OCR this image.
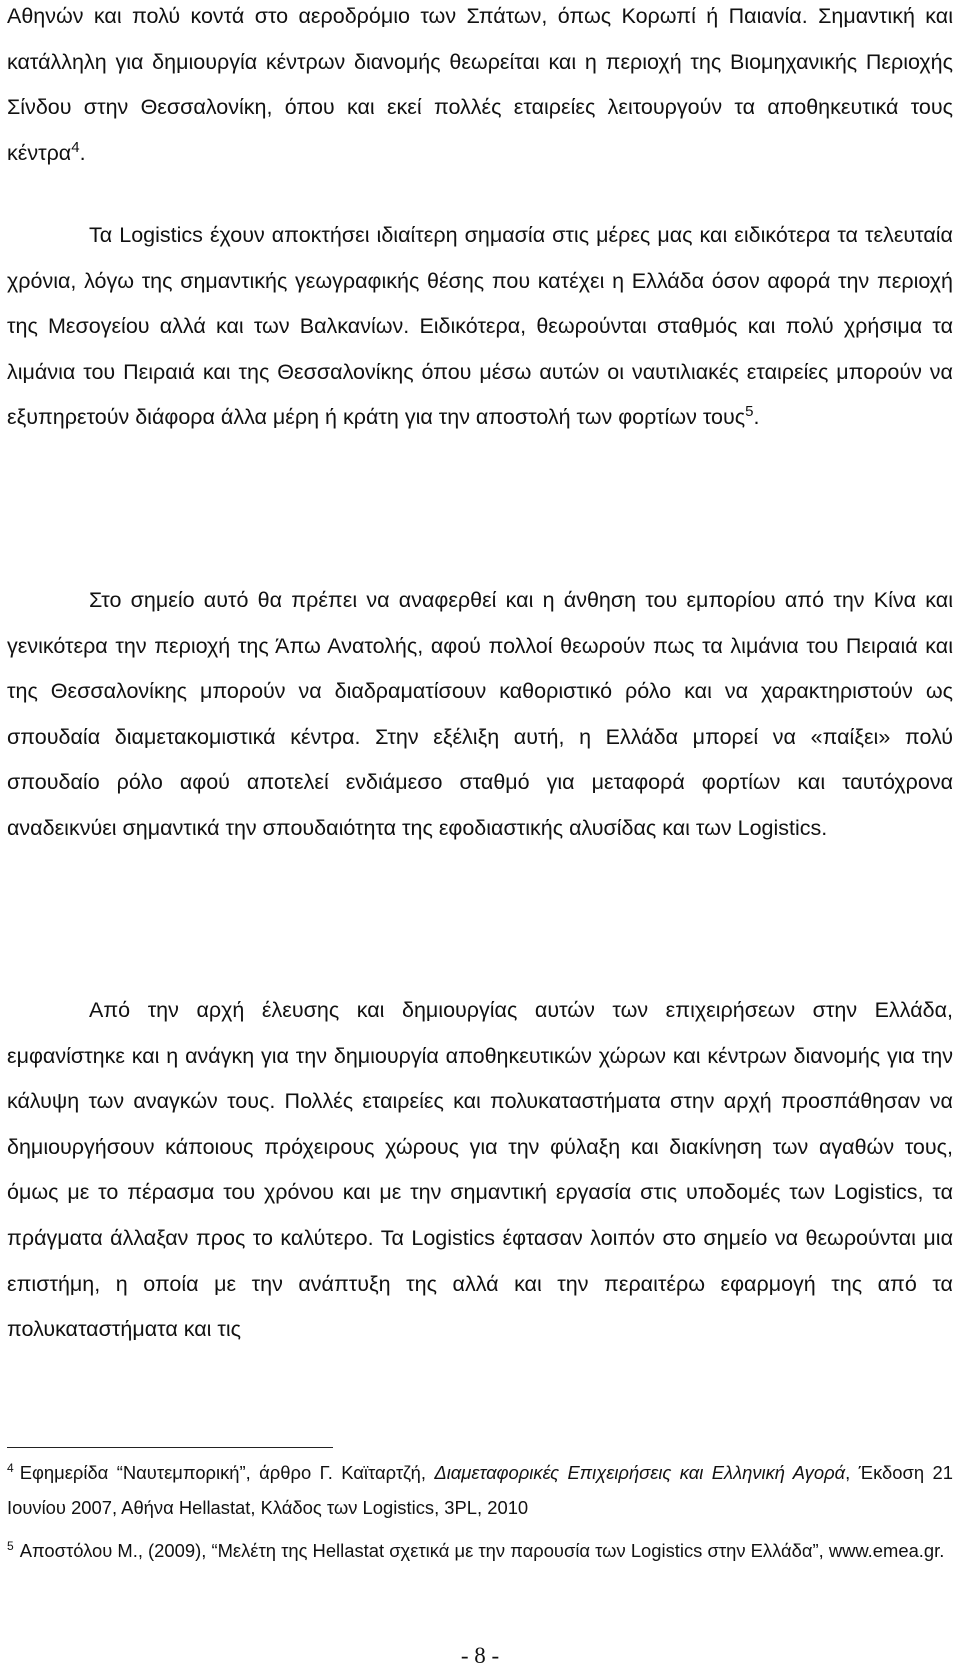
Αθηνών και πολύ κοντά στο αεροδρόμιο των Σπάτων, όπως Κορωπί ή Παιανία. Σημαντική και κατάλληλη για δημιουργία κέντρων διανομής θεωρείται και η περιοχή της Βιομηχανικής Περιοχής Σίνδου στην Θεσσαλονίκη, όπου και εκεί πολλές εταιρείες λειτουργούν τα αποθηκευτικά τους κέντρα$^4$.

Τα Logistics έχουν αποκτήσει ιδιαίτερη σημασία στις μέρες μας και ειδικότερα τα τελευταία χρόνια, λόγω της σημαντικής γεωγραφικής θέσης που κατέχει η Ελλάδα όσον αφορά την περιοχή της Μεσογείου αλλά και των Βαλκανίων. Ειδικότερα, θεωρούνται σταθμός και πολύ χρήσιμα τα λιμάνια του Πειραιά και της Θεσσαλονίκης όπου μέσω αυτών οι ναυτιλιακές εταιρείες μπορούν να εξυπηρετούν διάφορα άλλα μέρη ή κράτη για την αποστολή των φορτίων τους$^5$.

Στο σημείο αυτό θα πρέπει να αναφερθεί και η άνθηση του εμπορίου από την Κίνα και γενικότερα την περιοχή της Άπω Ανατολής, αφού πολλοί θεωρούν πως τα λιμάνια του Πειραιά και της Θεσσαλονίκης μπορούν να διαδραματίσουν καθοριστικό ρόλο και να χαρακτηριστούν ως σπουδαία διαμετακομιστικά κέντρα. Στην εξέλιξη αυτή, η Ελλάδα μπορεί να «παίξει» πολύ σπουδαίο ρόλο αφού αποτελεί ενδιάμεσο σταθμό για μεταφορά φορτίων και ταυτόχρονα αναδεικνύει σημαντικά την σπουδαιότητα της εφοδιαστικής αλυσίδας και των Logistics.

Από την αρχή έλευσης και δημιουργίας αυτών των επιχειρήσεων στην Ελλάδα, εμφανίστηκε και η ανάγκη για την δημιουργία αποθηκευτικών χώρων και κέντρων διανομής για την κάλυψη των αναγκών τους. Πολλές εταιρείες και πολυκαταστήματα στην αρχή προσπάθησαν να δημιουργήσουν κάποιους πρόχειρους χώρους για την φύλαξη και διακίνηση των αγαθών τους, όμως με το πέρασμα του χρόνου και με την σημαντική εργασία στις υποδομές των Logistics, τα πράγματα άλλαξαν προς το καλύτερο. Τα Logistics έφτασαν λοιπόν στο σημείο να θεωρούνται μια επιστήμη, η οποία με την ανάπτυξη της αλλά και την περαιτέρω εφαρμογή της από τα πολυκαταστήματα και τις

$^4$ Εφημερίδα “Ναυτεμπορική”, άρθρο Γ. Καϊταρτζή, Διαμεταφορικές Επιχειρήσεις και Ελληνική Αγορά, Έκδοση 21 Ιουνίου 2007, Αθήνα Hellastat, Κλάδος των Logistics, 3PL, 2010

$^5$ Αποστόλου Μ., (2009), “Μελέτη της Hellastat σχετικά με την παρουσία των Logistics στην Ελλάδα”, www.emea.gr.

- 8 -
